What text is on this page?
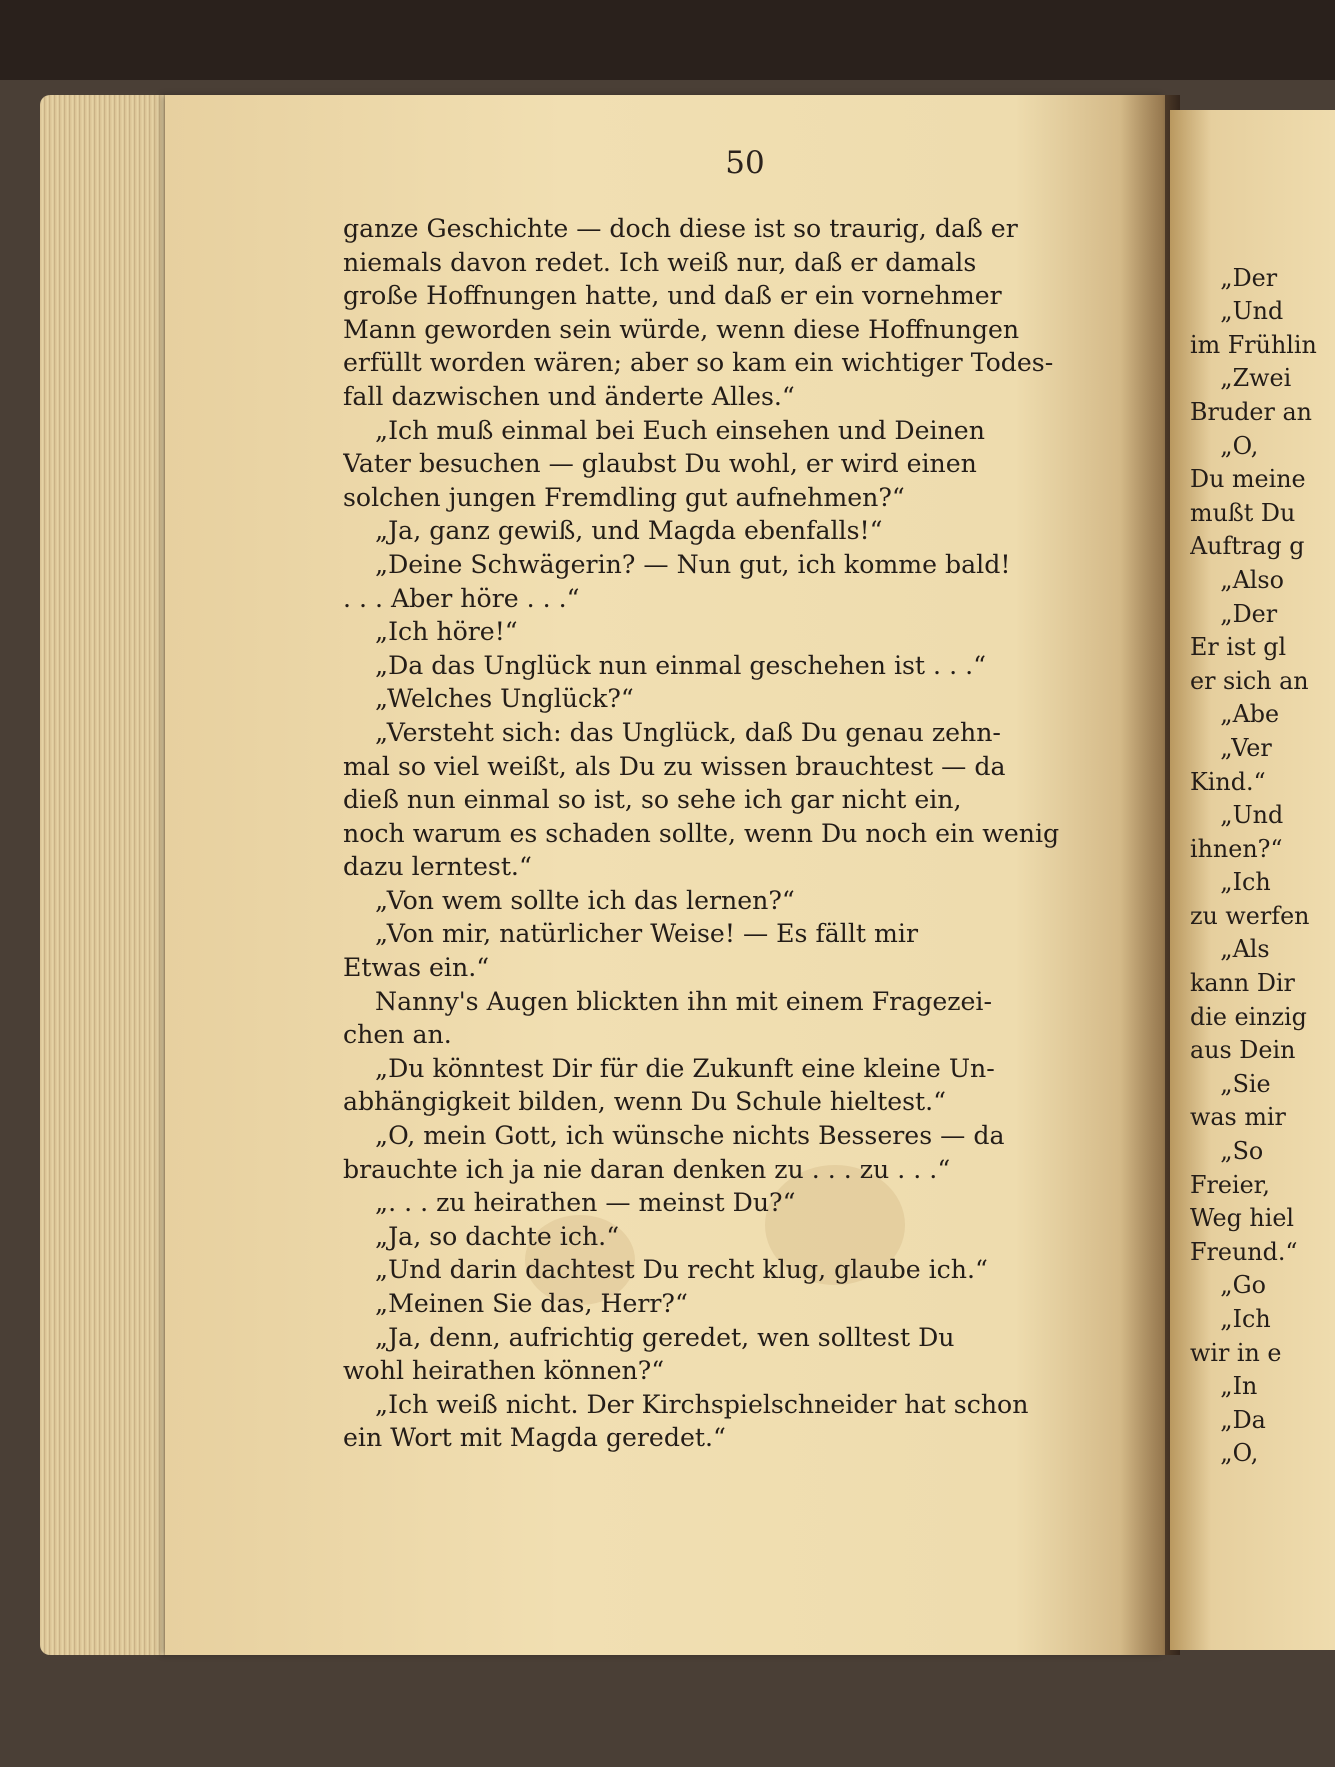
50
ganze Geschichte — doch diese ist so traurig, daß er
niemals davon redet. Ich weiß nur, daß er damals
große Hoffnungen hatte, und daß er ein vornehmer
Mann geworden sein würde, wenn diese Hoffnungen
erfüllt worden wären; aber so kam ein wichtiger Todes-
fall dazwischen und änderte Alles.“
„Ich muß einmal bei Euch einsehen und Deinen
Vater besuchen — glaubst Du wohl, er wird einen
solchen jungen Fremdling gut aufnehmen?“
„Ja, ganz gewiß, und Magda ebenfalls!“
„Deine Schwägerin? — Nun gut, ich komme bald!
. . . Aber höre . . .“
„Ich höre!“
„Da das Unglück nun einmal geschehen ist . . .“
„Welches Unglück?“
„Versteht sich: das Unglück, daß Du genau zehn-
mal so viel weißt, als Du zu wissen brauchtest — da
dieß nun einmal so ist, so sehe ich gar nicht ein,
noch warum es schaden sollte, wenn Du noch ein wenig
dazu lerntest.“
„Von wem sollte ich das lernen?“
„Von mir, natürlicher Weise! — Es fällt mir
Etwas ein.“
Nanny's Augen blickten ihn mit einem Fragezei-
chen an.
„Du könntest Dir für die Zukunft eine kleine Un-
abhängigkeit bilden, wenn Du Schule hieltest.“
„O, mein Gott, ich wünsche nichts Besseres — da
brauchte ich ja nie daran denken zu . . . zu . . .“
„. . . zu heirathen — meinst Du?“
„Ja, so dachte ich.“
„Und darin dachtest Du recht klug, glaube ich.“
„Meinen Sie das, Herr?“
„Ja, denn, aufrichtig geredet, wen solltest Du
wohl heirathen können?“
„Ich weiß nicht. Der Kirchspielschneider hat schon
ein Wort mit Magda geredet.“
„Der
„Und
im Frühlin
„Zwei
Bruder an
„O,
Du meine
mußt Du
Auftrag g
„Also
„Der
Er ist gl
er sich an
„Abe
„Ver
Kind.“
„Und
ihnen?“
„Ich
zu werfen
„Als
kann Dir
die einzig
aus Dein
„Sie
was mir
„So
Freier,
Weg hiel
Freund.“
„Go
„Ich
wir in e
„In
„Da
„O,
